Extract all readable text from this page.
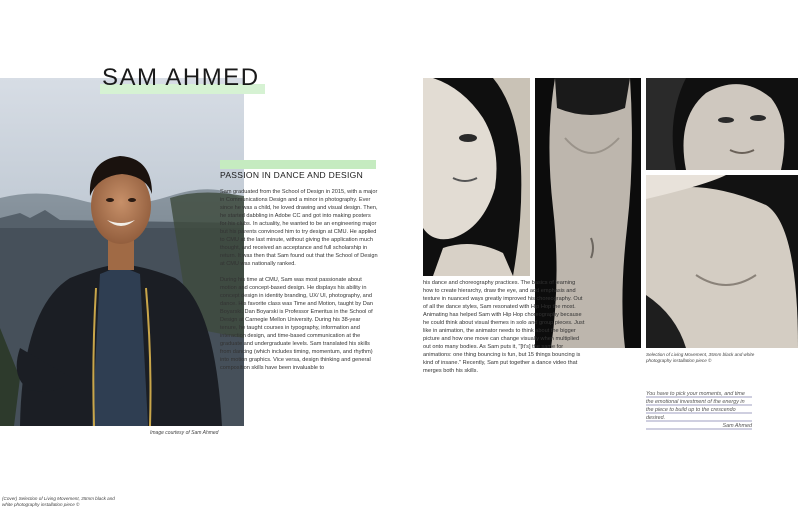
SAM AHMED
Image courtesy of Sam Ahmed
PASSION IN DANCE AND DESIGN

Sam graduated from the School of Design in 2015, with a major in Communications Design and a minor in photography. Ever since he was a child, he loved drawing and visual design. Then, he started dabbling in Adobe CC and got into making posters for his clubs. In actuality, he wanted to be an engineering major but his parents convinced him to try design at CMU. He applied to CMU at the last minute, without giving the application much thought, and received an acceptance and full scholarship in return. It was then that Sam found out that the School of Design at CMU was nationally ranked.

During his time at CMU, Sam was most passionate about motion and concept-based design. He displays his ability in concept design in identity branding, UX/ UI, photography, and dance. His favorite class was Time and Motion, taught by Dan Boyarski. Dan Boyarski is Professor Emeritus in the School of Design at Carnegie Mellon University. During his 38-year tenure, he taught courses in typography, information and interaction design, and time-based communication at the graduate and undergraduate levels. Sam translated his skills from dancing (which includes timing, momentum, and rhythm) into motion graphics. Vice versa, design thinking and general composition skills have been invaluable to

(Cover) Selection of Living Movement, 35mm black and white photography installation piece ©

his dance and choreography practices. The basics of learning how to create hierarchy, draw the eye, and add emphasis and texture in nuanced ways greatly improved his choreography. Out of all the dance styles, Sam resonated with Hip Hop the most. Animating has helped Sam with Hip Hop choreography because he could think about visual themes in solo and group pieces. Just like in animation, the animator needs to think about the bigger picture and how one move can change visually when multiplied out onto many bodies. As Sam puts it, "[It's] the same for animations: one thing bouncing is fun, but 15 things bouncing is kind of insane." Recently, Sam put together a dance video that merges both his skills.

Selection of Living Movement, 35mm black and white photography installation piece ©

You have to pick your moments, and time the emotional investment of the energy in the piece to build up to the crescendo desired.

Sam Ahmed
